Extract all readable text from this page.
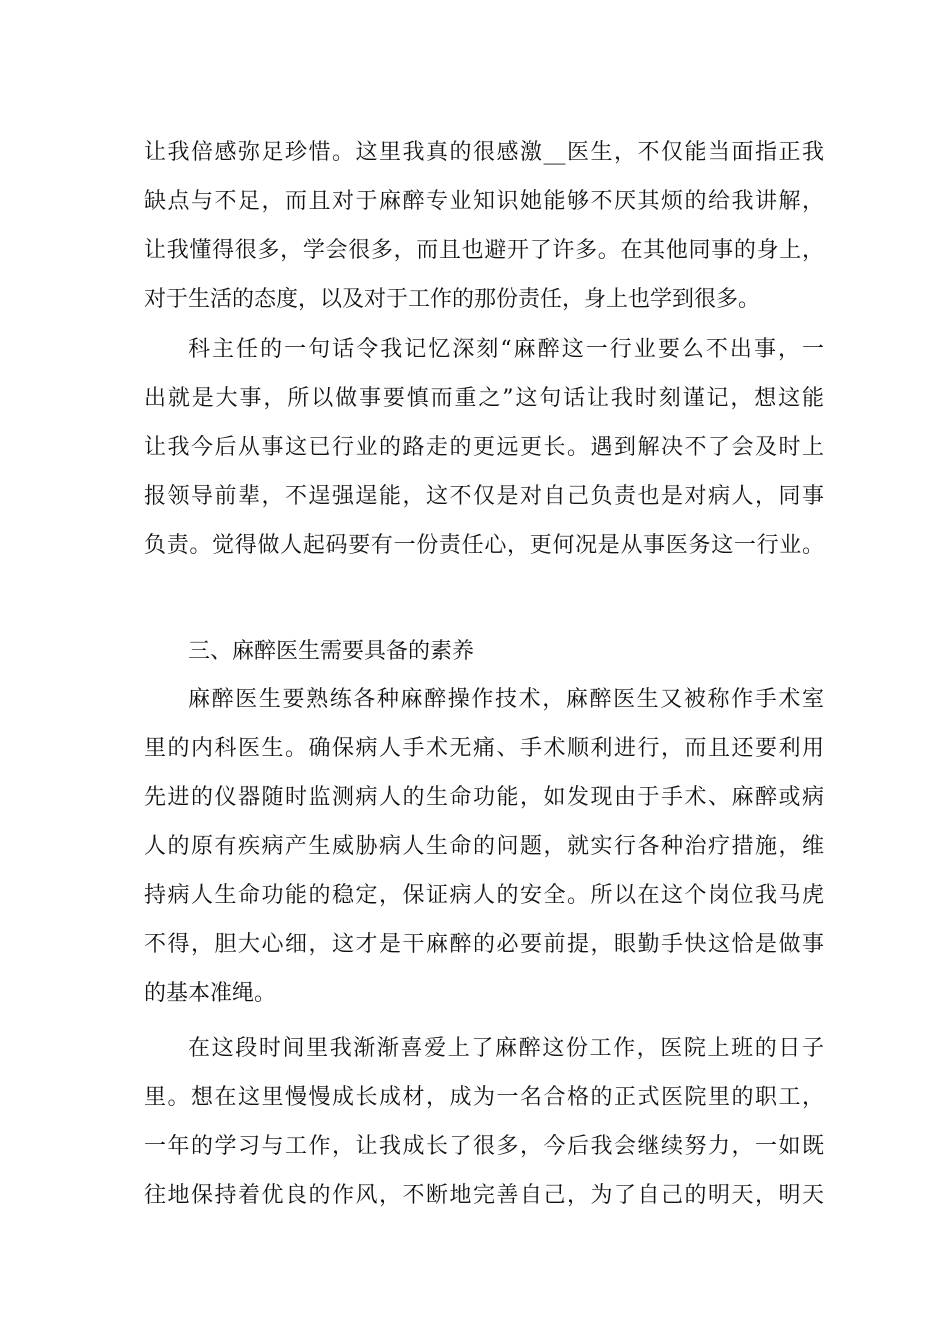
让我倍感弥足珍惜。这里我真的很感激__医生，不仅能当面指正我
缺点与不足，而且对于麻醉专业知识她能够不厌其烦的给我讲解，
让我懂得很多，学会很多，而且也避开了许多。在其他同事的身上，
对于生活的态度，以及对于工作的那份责任，身上也学到很多。
科主任的一句话令我记忆深刻“麻醉这一行业要么不出事，一
出就是大事，所以做事要慎而重之”这句话让我时刻谨记，想这能
让我今后从事这已行业的路走的更远更长。遇到解决不了会及时上
报领导前辈，不逞强逞能，这不仅是对自己负责也是对病人，同事
负责。觉得做人起码要有一份责任心，更何况是从事医务这一行业。
三、麻醉医生需要具备的素养
麻醉医生要熟练各种麻醉操作技术，麻醉医生又被称作手术室
里的内科医生。确保病人手术无痛、手术顺利进行，而且还要利用
先进的仪器随时监测病人的生命功能，如发现由于手术、麻醉或病
人的原有疾病产生威胁病人生命的问题，就实行各种治疗措施，维
持病人生命功能的稳定，保证病人的安全。所以在这个岗位我马虎
不得，胆大心细，这才是干麻醉的必要前提，眼勤手快这恰是做事
的基本准绳。
在这段时间里我渐渐喜爱上了麻醉这份工作，医院上班的日子
里。想在这里慢慢成长成材，成为一名合格的正式医院里的职工，
一年的学习与工作，让我成长了很多，今后我会继续努力，一如既
往地保持着优良的作风，不断地完善自己，为了自己的明天，明天
